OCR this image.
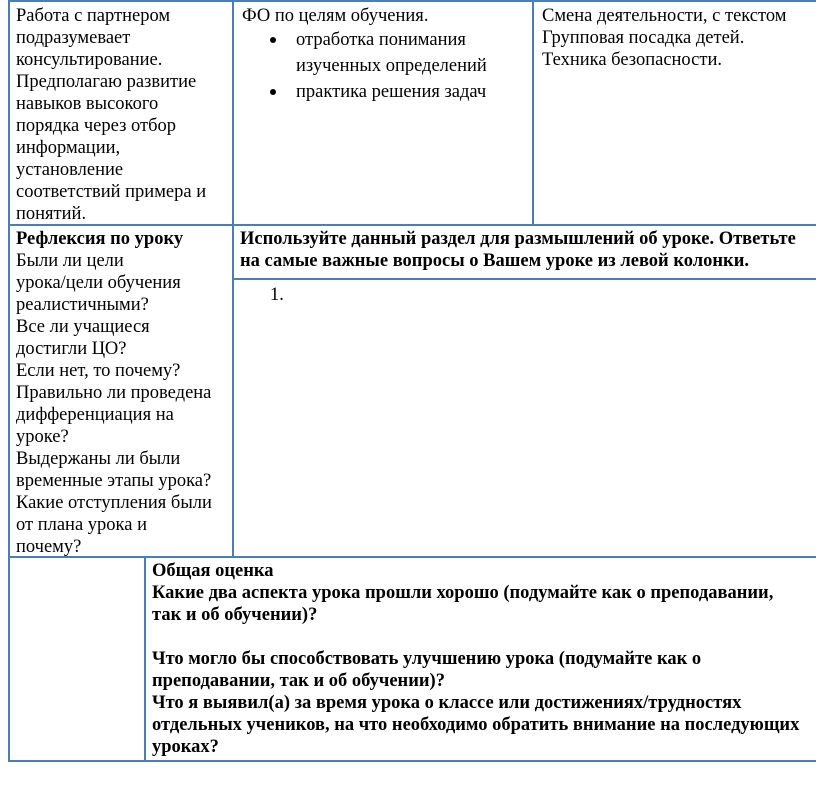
Работа с партнером
подразумевает
консультирование.
Предполагаю развитие
навыков высокого
порядка через отбор
информации,
установление
соответствий примера и
понятий.
ФО по целям обучения.
отработка понимания
изученных определений
практика решения задач
Смена деятельности, с текстом
Групповая посадка детей.
Техника безопасности.
Рефлексия по уроку
Были ли цели
урока/цели обучения
реалистичными?
Все ли учащиеся
достигли ЦО?
Если нет, то почему?
Правильно ли проведена
дифференциация на
уроке?
Выдержаны ли были
временные этапы урока?
Какие отступления были
от плана урока и
почему?
Используйте данный раздел для размышлений об уроке. Ответьте
на самые важные вопросы о Вашем уроке из левой колонки.
1.
Общая оценка
Какие два аспекта урока прошли хорошо (подумайте как о преподавании,
так и об обучении)?
Что могло бы способствовать улучшению урока (подумайте как о
преподавании, так и об обучении)?
Что я выявил(а) за время урока о классе или достижениях/трудностях
отдельных учеников, на что необходимо обратить внимание на последующих
уроках?
